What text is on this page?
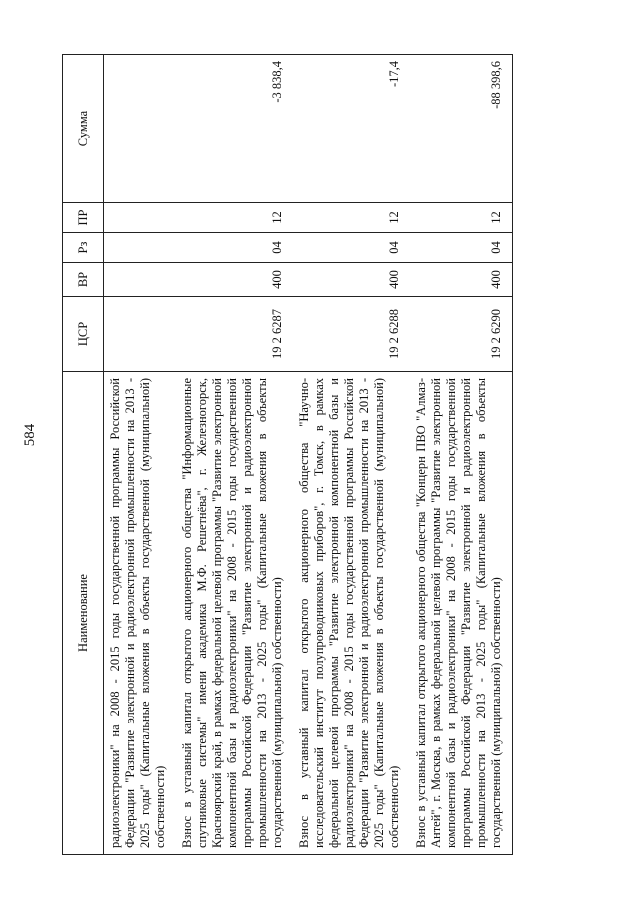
584
Наименование	ЦСР	ВР	Рз	ПР	Сумма
радиоэлектроники" на 2008 - 2015 годы государственной программы Российской Федерации "Развитие электронной и радиоэлектронной промышленности на 2013 - 2025 годы" (Капитальные вложения в объекты государственной (муниципальной) собственности)					
Взнос в уставный капитал открытого акционерного общества "Информационные спутниковые системы" имени академика М.Ф. Решетнёва", г. Железногорск, Красноярский край, в рамках федеральной целевой программы "Развитие электронной компонентной базы и радиоэлектроники" на 2008 - 2015 годы государственной программы Российской Федерации "Развитие электронной и радиоэлектронной промышленности на 2013 - 2025 годы" (Капитальные вложения в объекты государственной (муниципальной) собственности)	19 2 6287	400	04	12	-3 838,4
Взнос в уставный капитал открытого акционерного общества "Научно-исследовательский институт полупроводниковых приборов", г. Томск, в рамках федеральной целевой программы "Развитие электронной компонентной базы и радиоэлектроники" на 2008 - 2015 годы государственной программы Российской Федерации "Развитие электронной и радиоэлектронной промышленности на 2013 - 2025 годы" (Капитальные вложения в объекты государственной (муниципальной) собственности)	19 2 6288	400	04	12	-17,4
Взнос в уставный капитал открытого акционерного общества "Концерн ПВО "Алмаз-Антей", г. Москва, в рамках федеральной целевой программы "Развитие электронной компонентной базы и радиоэлектроники" на 2008 - 2015 годы государственной программы Российской Федерации "Развитие электронной и радиоэлектронной промышленности на 2013 - 2025 годы" (Капитальные вложения в объекты государственной (муниципальной) собственности)	19 2 6290	400	04	12	-88 398,6
